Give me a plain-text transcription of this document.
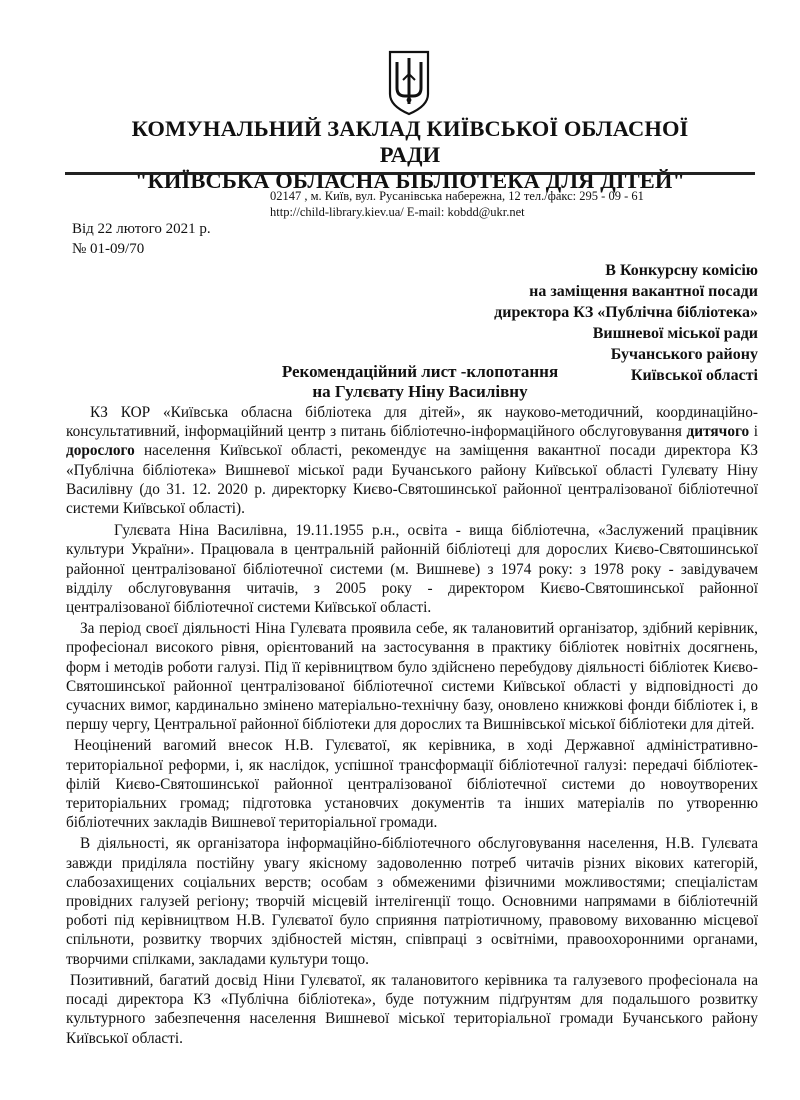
КОМУНАЛЬНИЙ ЗАКЛАД КИЇВСЬКОЇ ОБЛАСНОЇ РАДИ
"КИЇВСЬКА ОБЛАСНА БІБЛІОТЕКА ДЛЯ ДІТЕЙ"
02147 , м. Київ, вул. Русанівська набережна, 12 тел./факс: 295 - 09 - 61
http://child-library.kiev.ua/ E-mail: kobdd@ukr.net
Від 22 лютого 2021 р.
№ 01-09/70
В Конкурсну комісію
на заміщення вакантної посади
директора КЗ «Публічна бібліотека»
Вишневої міської ради
Бучанського району
Київської області
Рекомендаційний лист -клопотання
на Гулєвату Ніну Василівну

КЗ КОР «Київська обласна бібліотека для дітей», як науково-методичний, координаційно-консультативний, інформаційний центр з питань бібліотечно-інформаційного обслуговування дитячого і дорослого населення Київської області, рекомендує на заміщення вакантної посади директора КЗ «Публічна бібліотека» Вишневої міської ради Бучанського району Київської області Гулєвату Ніну Василівну (до 31. 12. 2020 р. директорку Києво-Святошинської районної централізованої бібліотечної системи Київської області).

Гулєвата Ніна Василівна, 19.11.1955 р.н., освіта - вища бібліотечна, «Заслужений працівник культури України». Працювала в центральній районній бібліотеці для дорослих Києво-Святошинської районної централізованої бібліотечної системи (м. Вишневе) з 1974 року: з 1978 року - завідувачем відділу обслуговування читачів, з 2005 року - директором Києво-Святошинської районної централізованої бібліотечної системи Київської області.

За період своєї діяльності Ніна Гулєвата проявила себе, як талановитий організатор, здібний керівник, професіонал високого рівня, орієнтований на застосування в практику бібліотек новітніх досягнень, форм і методів роботи галузі. Під її керівництвом було здійснено перебудову діяльності бібліотек Києво-Святошинської районної централізованої бібліотечної системи Київської області у відповідності до сучасних вимог, кардинально змінено матеріально-технічну базу, оновлено книжкові фонди бібліотек і, в першу чергу, Центральної районної бібліотеки для дорослих та Вишнівської міської бібліотеки для дітей.

Неоцінений вагомий внесок Н.В. Гулєватої, як керівника, в ході Державної адміністративно-територіальної реформи, і, як наслідок, успішної трансформації бібліотечної галузі: передачі бібліотек-філій Києво-Святошинської районної централізованої бібліотечної системи до новоутворених територіальних громад; підготовка установчих документів та інших матеріалів по утворенню бібліотечних закладів Вишневої територіальної громади.

В діяльності, як організатора інформаційно-бібліотечного обслуговування населення, Н.В. Гулєвата завжди приділяла постійну увагу якісному задоволенню потреб читачів різних вікових категорій, слабозахищених соціальних верств; особам з обмеженими фізичними можливостями; спеціалістам провідних галузей регіону; творчій місцевій інтелігенції тощо. Основними напрямами в бібліотечній роботі під керівництвом Н.В. Гулєватої було сприяння патріотичному, правовому вихованню місцевої спільноти, розвитку творчих здібностей містян, співпраці з освітніми, правоохоронними органами, творчими спілками, закладами культури тощо.

Позитивний, багатий досвід Ніни Гулєватої, як талановитого керівника та галузевого професіонала на посаді директора КЗ «Публічна бібліотека», буде потужним підґрунтям для подальшого розвитку культурного забезпечення населення Вишневої міської територіальної громади Бучанського району Київської області.
